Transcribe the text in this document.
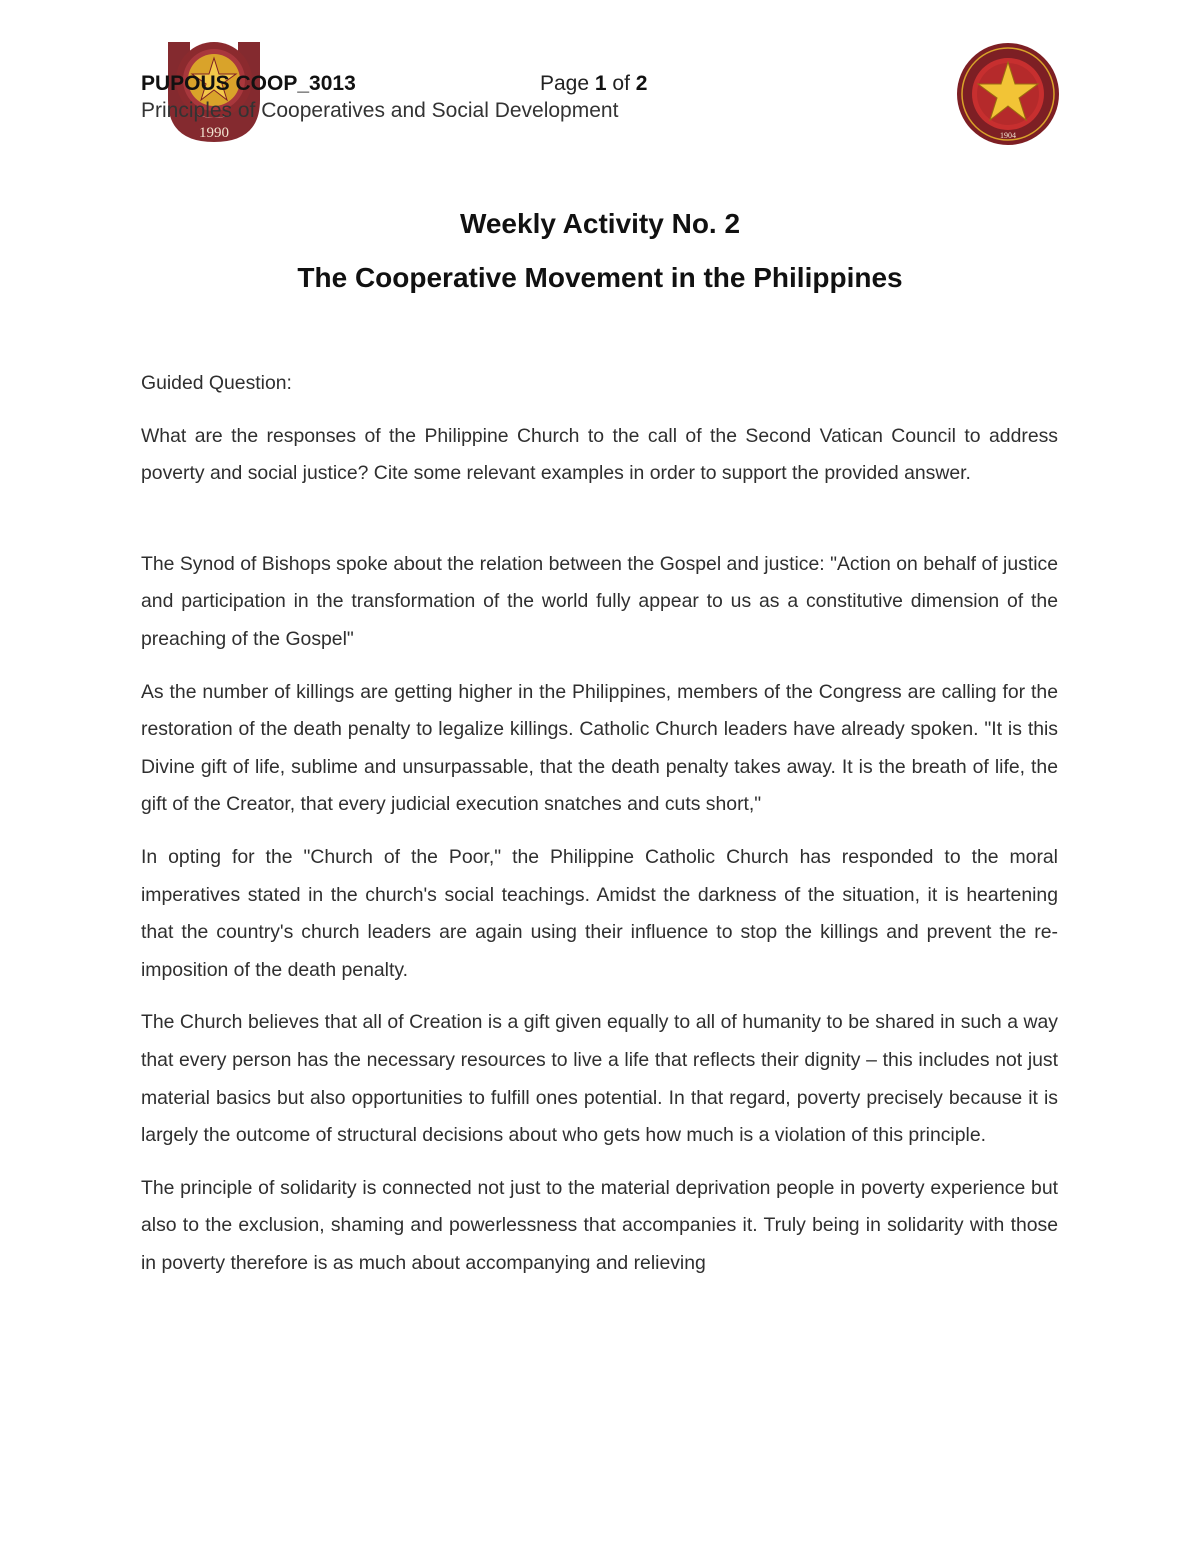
1990	1904
PUPOUS COOP_3013	Page 1 of 2
Principles of Cooperatives and Social Development
Weekly Activity No. 2
The Cooperative Movement in the Philippines

Guided Question:

What are the responses of the Philippine Church to the call of the Second Vatican Council to address poverty and social justice? Cite some relevant examples in order to support the provided answer.

The Synod of Bishops spoke about the relation between the Gospel and justice: "Action on behalf of justice and participation in the transformation of the world fully appear to us as a constitutive dimension of the preaching of the Gospel"

As the number of killings are getting higher in the Philippines, members of the Congress are calling for the restoration of the death penalty to legalize killings. Catholic Church leaders have already spoken. "It is this Divine gift of life, sublime and unsurpassable, that the death penalty takes away. It is the breath of life, the gift of the Creator, that every judicial execution snatches and cuts short,"

In opting for the "Church of the Poor," the Philippine Catholic Church has responded to the moral imperatives stated in the church's social teachings. Amidst the darkness of the situation, it is heartening that the country's church leaders are again using their influence to stop the killings and prevent the re-imposition of the death penalty.

The Church believes that all of Creation is a gift given equally to all of humanity to be shared in such a way that every person has the necessary resources to live a life that reflects their dignity – this includes not just material basics but also opportunities to fulfill ones potential. In that regard, poverty precisely because it is largely the outcome of structural decisions about who gets how much is a violation of this principle.

The principle of solidarity is connected not just to the material deprivation people in poverty experience but also to the exclusion, shaming and powerlessness that accompanies it. Truly being in solidarity with those in poverty therefore is as much about accompanying and relieving
